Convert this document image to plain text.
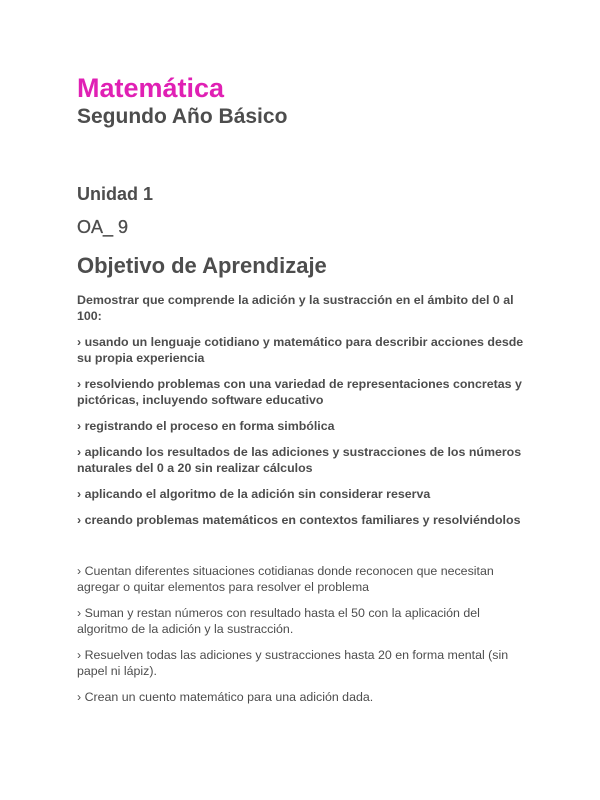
Matemática
Segundo Año Básico
Unidad 1
OA_ 9
Objetivo de Aprendizaje

Demostrar que comprende la adición y la sustracción en el ámbito del 0 al 100:

› usando un lenguaje cotidiano y matemático para describir acciones desde su propia experiencia

› resolviendo problemas con una variedad de representaciones concretas y pictóricas, incluyendo software educativo

› registrando el proceso en forma simbólica

› aplicando los resultados de las adiciones y sustracciones de los números naturales del 0 a 20 sin realizar cálculos

› aplicando el algoritmo de la adición sin considerar reserva

› creando problemas matemáticos en contextos familiares y resolviéndolos

› Cuentan diferentes situaciones cotidianas donde reconocen que necesitan agregar o quitar elementos para resolver el problema

› Suman y restan números con resultado hasta el 50 con la aplicación del algoritmo de la adición y la sustracción.

› Resuelven todas las adiciones y sustracciones hasta 20 en forma mental (sin papel ni lápiz).

› Crean un cuento matemático para una adición dada.
